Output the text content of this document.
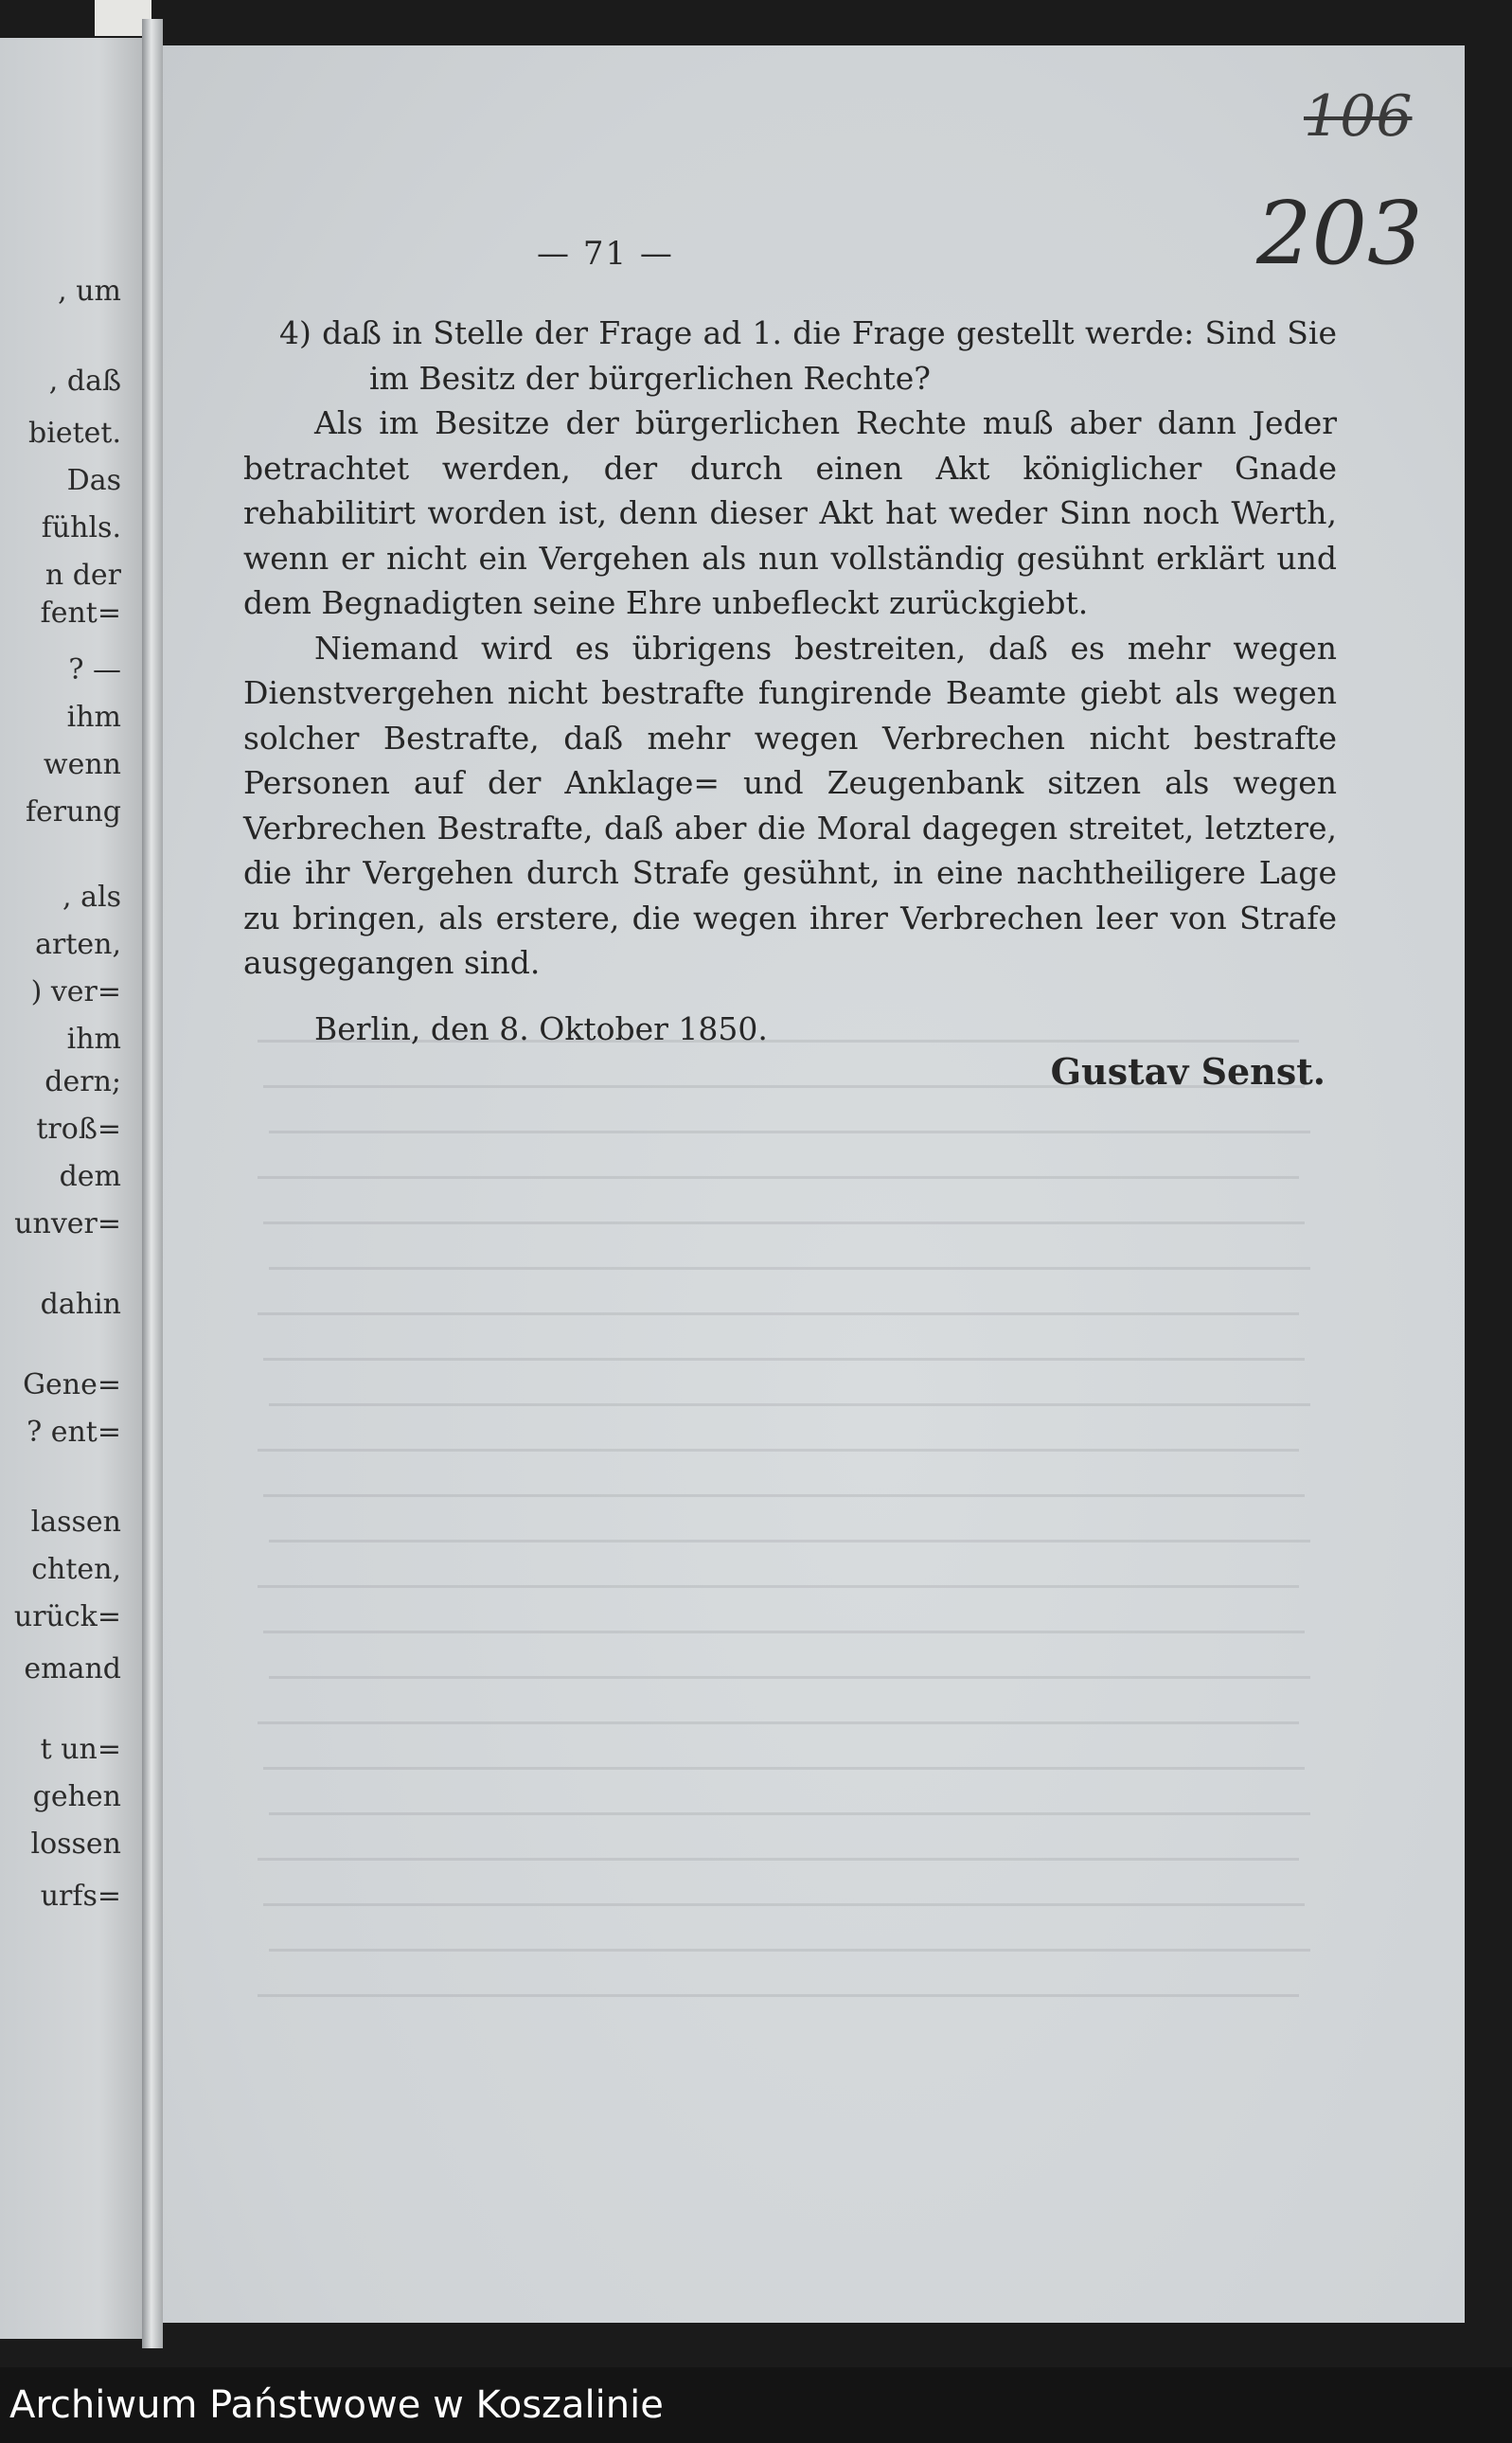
, um
, daß
bietet.
Das
fühls.
n der
fent=
? —
ihm
wenn
ferung
, als
arten,
) ver=
ihm
dern;
troß=
dem
unver=
dahin
Gene=
? ent=
lassen
chten,
urück=
emand
t un=
gehen
lossen
urfs=
106
203
— 71 —

4) daß in Stelle der Frage ad 1. die Frage gestellt werde: Sind Sie im Besitz der bürgerlichen Rechte?

Als im Besitze der bürgerlichen Rechte muß aber dann Jeder betrachtet werden, der durch einen Akt königlicher Gnade rehabilitirt worden ist, denn dieser Akt hat weder Sinn noch Werth, wenn er nicht ein Vergehen als nun vollständig gesühnt erklärt und dem Begnadigten seine Ehre unbefleckt zurückgiebt.

Niemand wird es übrigens bestreiten, daß es mehr wegen Dienstvergehen nicht bestrafte fungirende Beamte giebt als wegen solcher Bestrafte, daß mehr wegen Verbrechen nicht bestrafte Personen auf der Anklage= und Zeugenbank sitzen als wegen Verbrechen Bestrafte, daß aber die Moral dagegen streitet, letztere, die ihr Vergehen durch Strafe gesühnt, in eine nachtheiligere Lage zu bringen, als erstere, die wegen ihrer Verbrechen leer von Strafe ausgegangen sind.

Berlin, den 8. Oktober 1850.

Gustav Senst.

Archiwum Państwowe w Koszalinie
